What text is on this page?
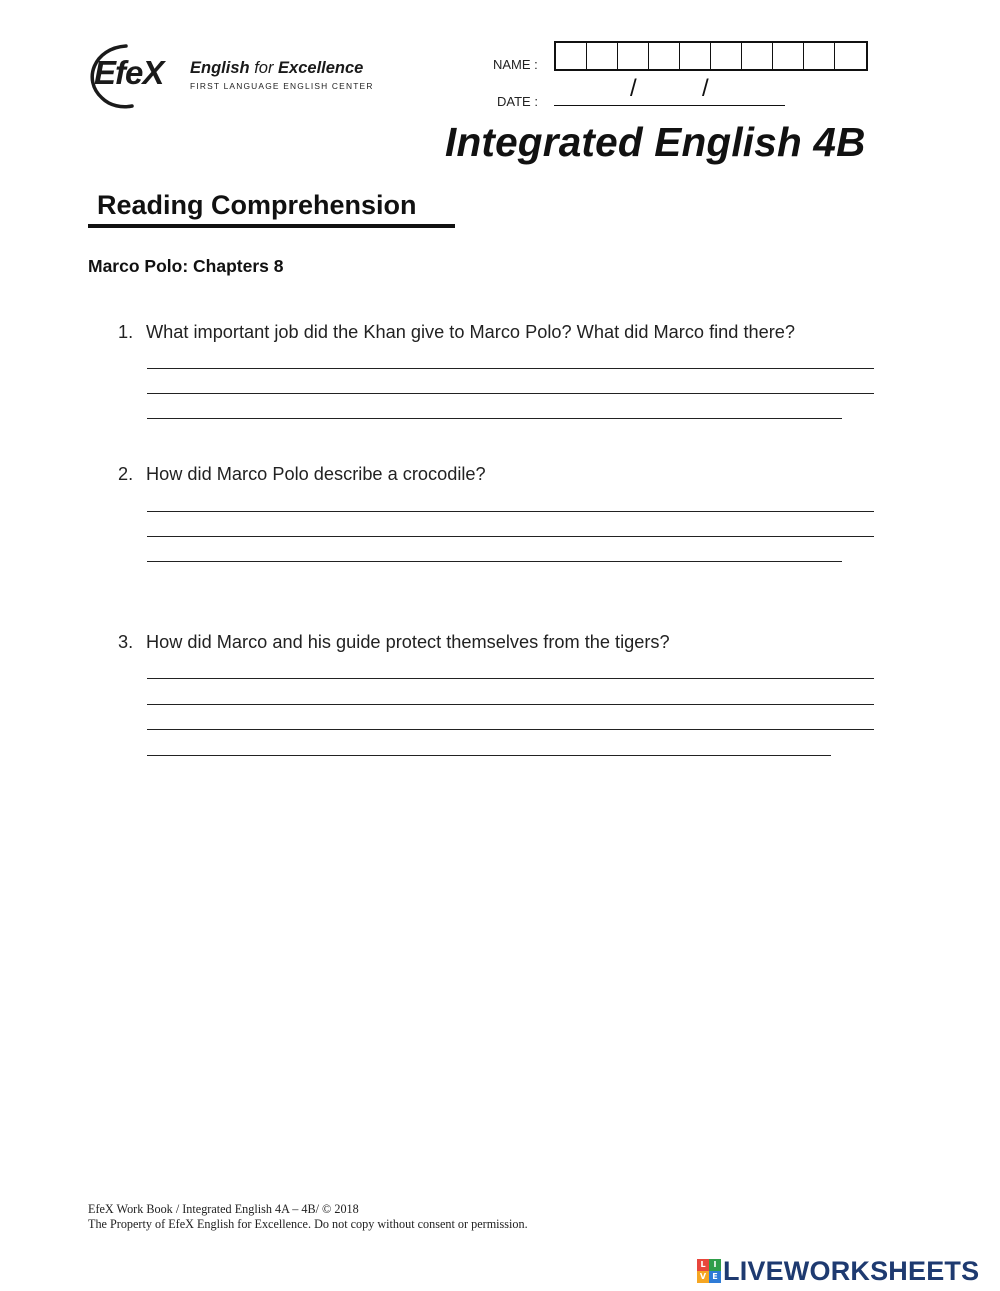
EfeX English for Excellence
FIRST LANGUAGE ENGLISH CENTER
NAME :
DATE :	/	/
Integrated English 4B
Reading Comprehension
Marco Polo: Chapters 8
1. What important job did the Khan give to Marco Polo? What did Marco find there?
2. How did Marco Polo describe a crocodile?
3. How did Marco and his guide protect themselves from the tigers?
EfeX Work Book / Integrated English 4A – 4B/ © 2018
The Property of EfeX English for Excellence. Do not copy without consent or permission.
L I
V E LIVEWORKSHEETS
